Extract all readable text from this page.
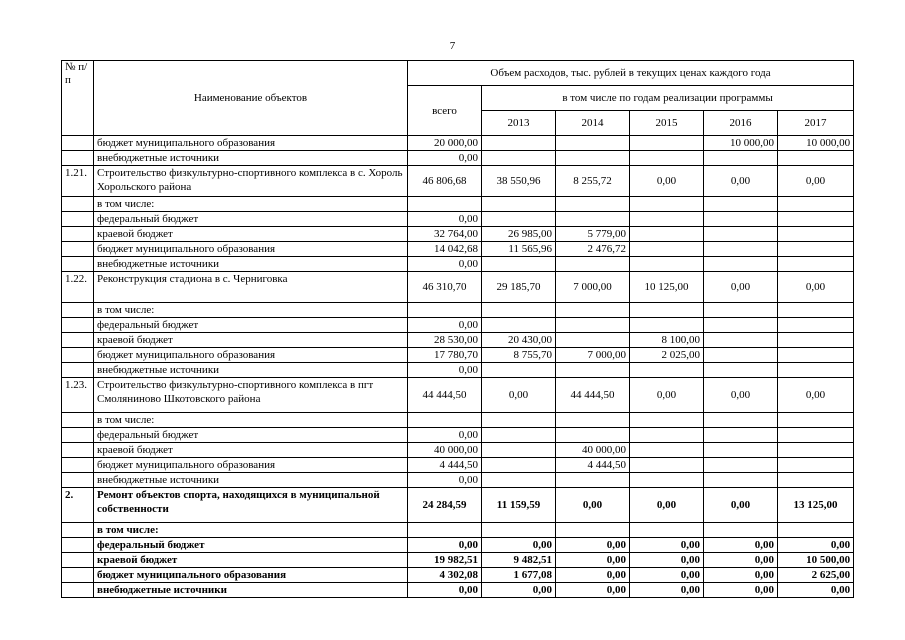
7
№ п/п	Наименование объектов	Объем расходов, тыс. рублей в текущих ценах каждого года					
		всего	в том числе по годам реализации программы				
			2013	2014	2015	2016	2017
	бюджет муниципального образования	20 000,00				10 000,00	10 000,00
	внебюджетные источники	0,00					
1.21.	Строительство физкультурно-спортивного комплекса в с. Хороль Хорольского района	46 806,68	38 550,96	8 255,72	0,00	0,00	0,00
	в том числе:						
	федеральный бюджет	0,00					
	краевой бюджет	32 764,00	26 985,00	5 779,00			
	бюджет муниципального образования	14 042,68	11 565,96	2 476,72			
	внебюджетные источники	0,00					
1.22.	Реконструкция стадиона в с. Черниговка	46 310,70	29 185,70	7 000,00	10 125,00	0,00	0,00
	в том числе:						
	федеральный бюджет	0,00					
	краевой бюджет	28 530,00	20 430,00		8 100,00		
	бюджет муниципального образования	17 780,70	8 755,70	7 000,00	2 025,00		
	внебюджетные источники	0,00					
1.23.	Строительство физкультурно-спортивного комплекса в пгт Смоляниново Шкотовского района	44 444,50	0,00	44 444,50	0,00	0,00	0,00
	в том числе:						
	федеральный бюджет	0,00					
	краевой бюджет	40 000,00		40 000,00			
	бюджет муниципального образования	4 444,50		4 444,50			
	внебюджетные источники	0,00					
2.	Ремонт объектов спорта, находящихся в муниципальной собственности	24 284,59	11 159,59	0,00	0,00	0,00	13 125,00
	в том числе:						
	федеральный бюджет	0,00	0,00	0,00	0,00	0,00	0,00
	краевой бюджет	19 982,51	9 482,51	0,00	0,00	0,00	10 500,00
	бюджет муниципального образования	4 302,08	1 677,08	0,00	0,00	0,00	2 625,00
	внебюджетные источники	0,00	0,00	0,00	0,00	0,00	0,00
